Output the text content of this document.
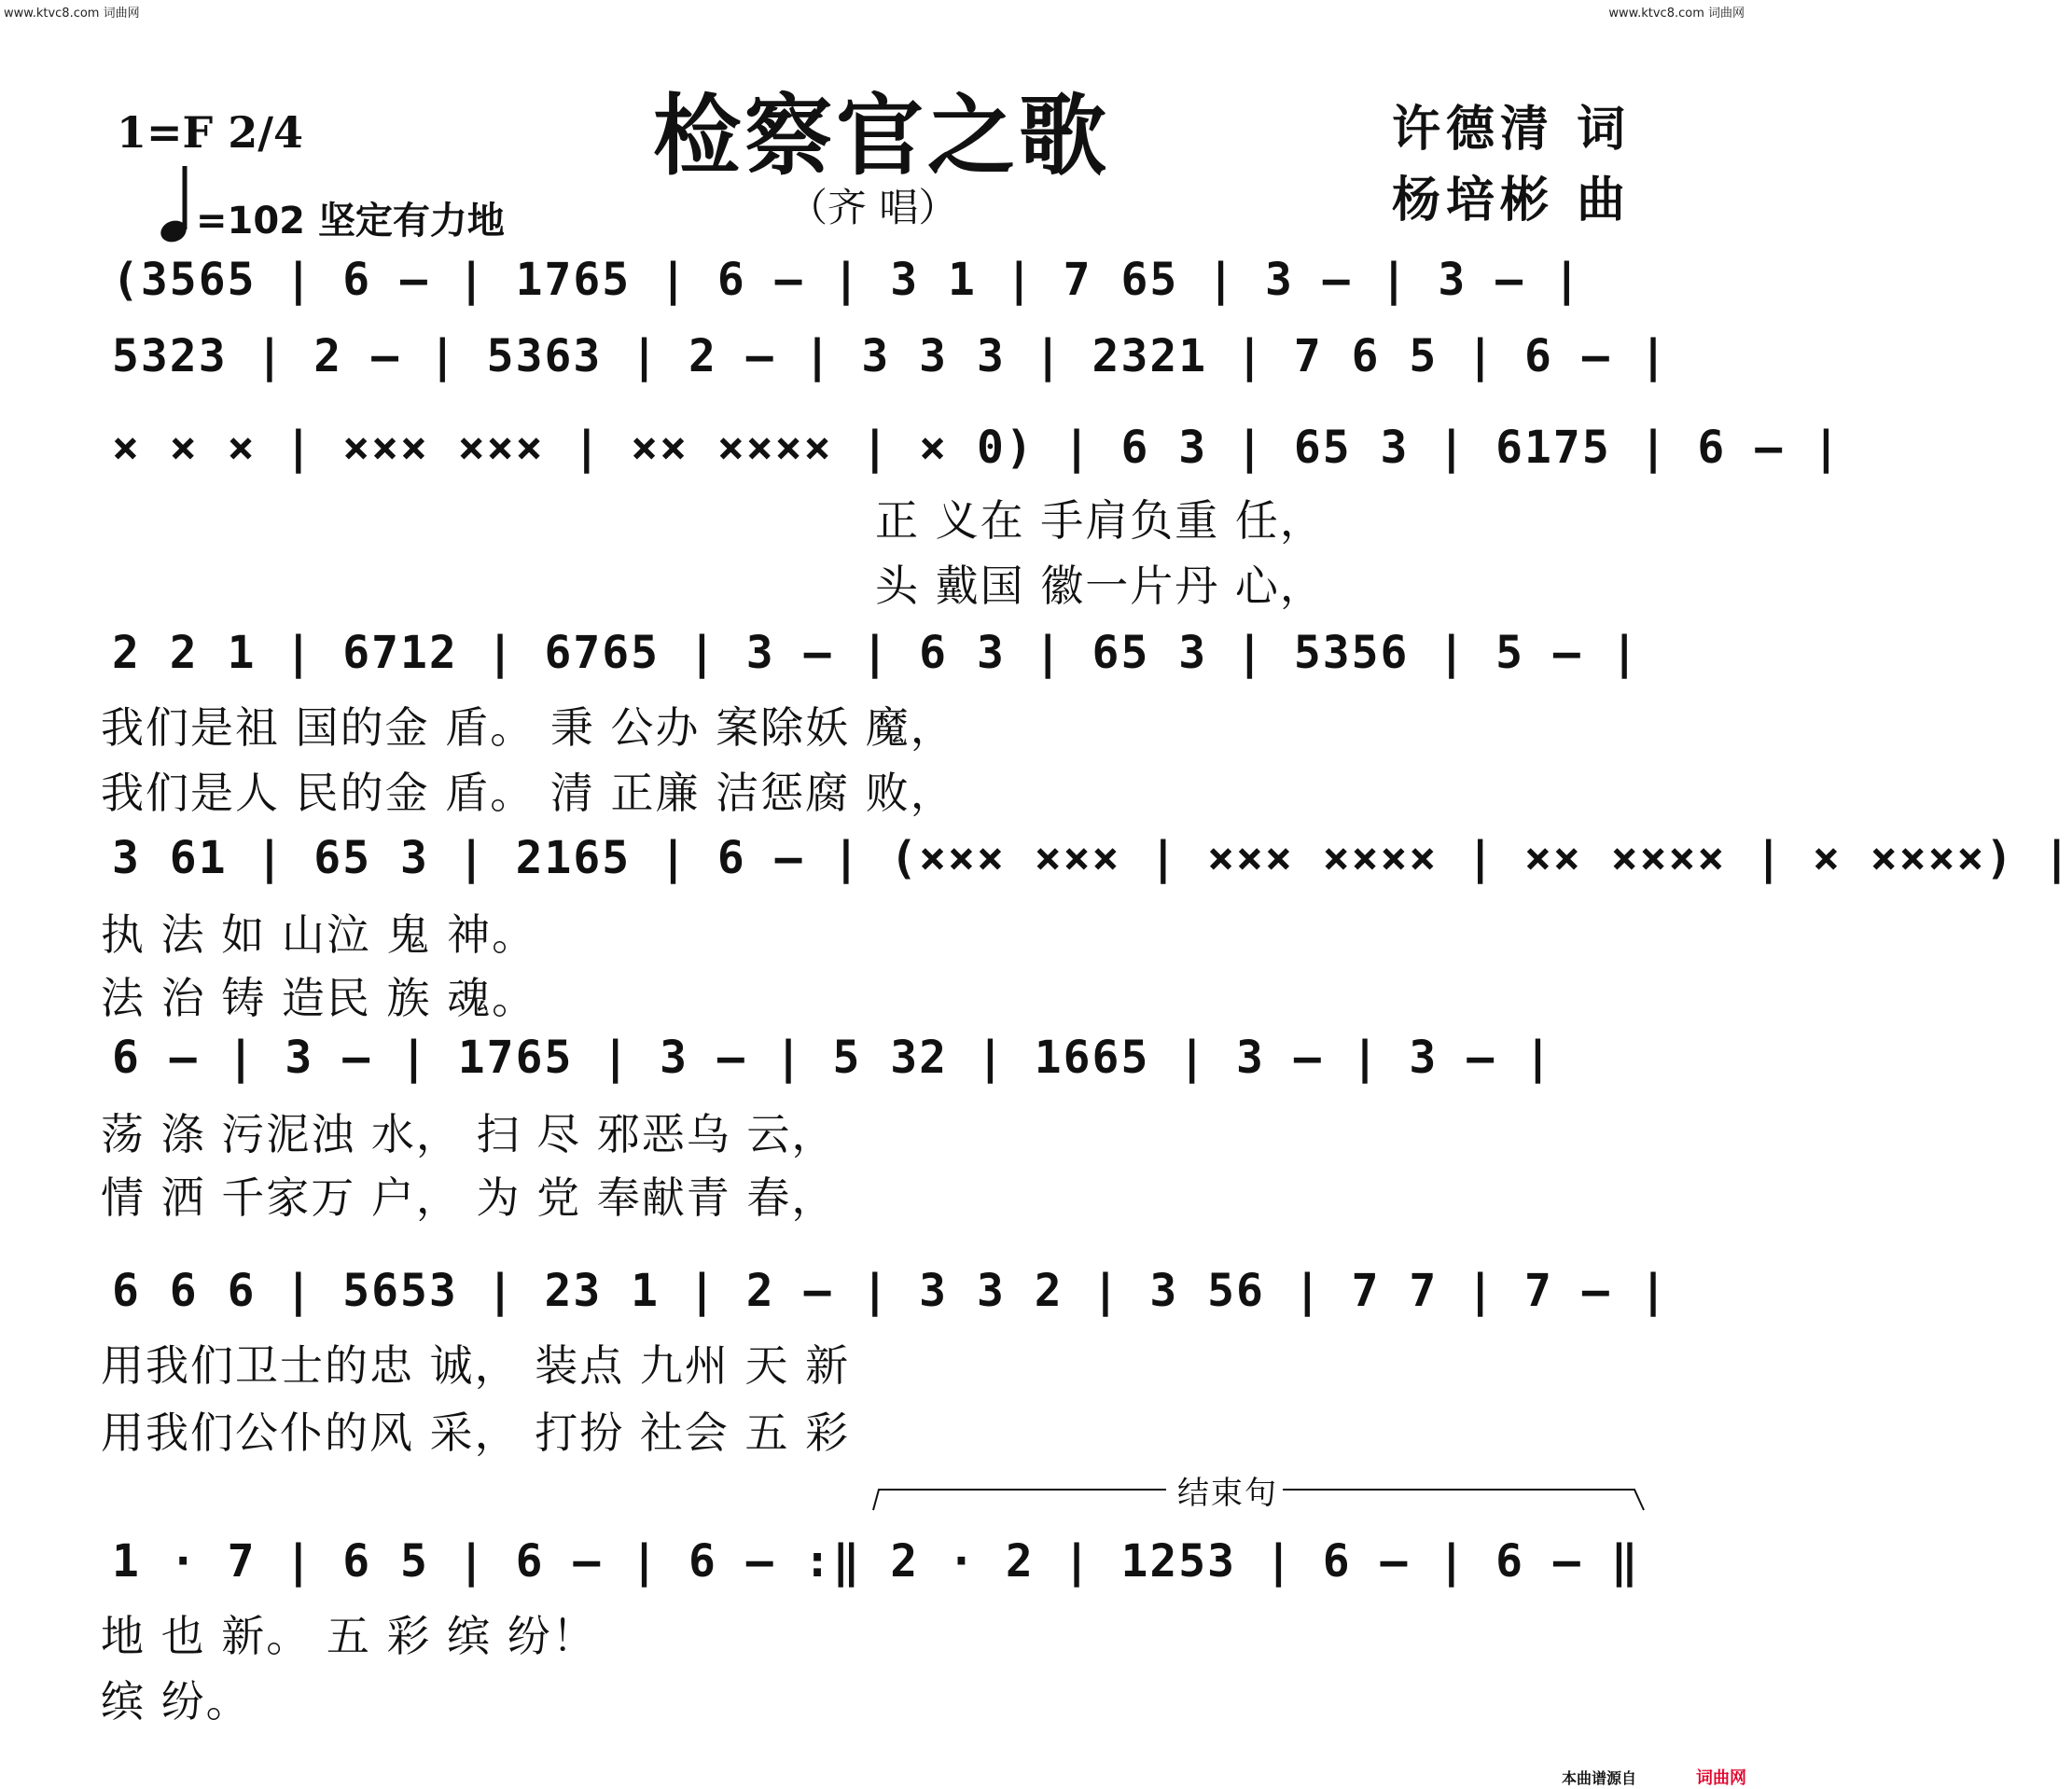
www.ktvc8.com 词曲网	www.ktvc8.com 词曲网
检察官之歌
（齐 唱）
1=F 2/4
=102 坚定有力地
许德清 词
杨培彬 曲
(3565 | 6 — | 1765 | 6 — | 3 1 | 7 65 | 3 — | 3 — |
5323 | 2 — | 5363 | 2 — | 3 3 3 | 2321 | 7 6 5 | 6 — |
× × × | ××× ××× | ×× ×××× | × 0) | 6 3 | 65 3 | 6175 | 6 — |
正 义在 手肩负重 任，
头 戴国 徽一片丹 心，
2 2 1 | 6712 | 6765 | 3 — | 6 3 | 65 3 | 5356 | 5 — |
我们是祖 国的金 盾。 秉 公办 案除妖 魔，
我们是人 民的金 盾。 清 正廉 洁惩腐 败，
3 61 | 65 3 | 2165 | 6 — | (××× ××× | ××× ×××× | ×× ×××× | × ××××) |
执 法 如 山泣 鬼 神。
法 治 铸 造民 族 魂。
6 — | 3 — | 1765 | 3 — | 5 32 | 1665 | 3 — | 3 — |
荡 涤 污泥浊 水， 扫 尽 邪恶乌 云，
情 洒 千家万 户， 为 党 奉献青 春，
6 6 6 | 5653 | 23 1 | 2 — | 3 3 2 | 3 56 | 7 7 | 7 — |
用我们卫士的忠 诚， 装点 九州 天 新
用我们公仆的风 采， 打扮 社会 五 彩
结束句
1 · 7 | 6 5 | 6 — | 6 — :‖ 2 · 2 | 1253 | 6 — | 6 — ‖
地 也 新。 五 彩 缤 纷！
缤 纷。
本曲谱源自	词曲网
